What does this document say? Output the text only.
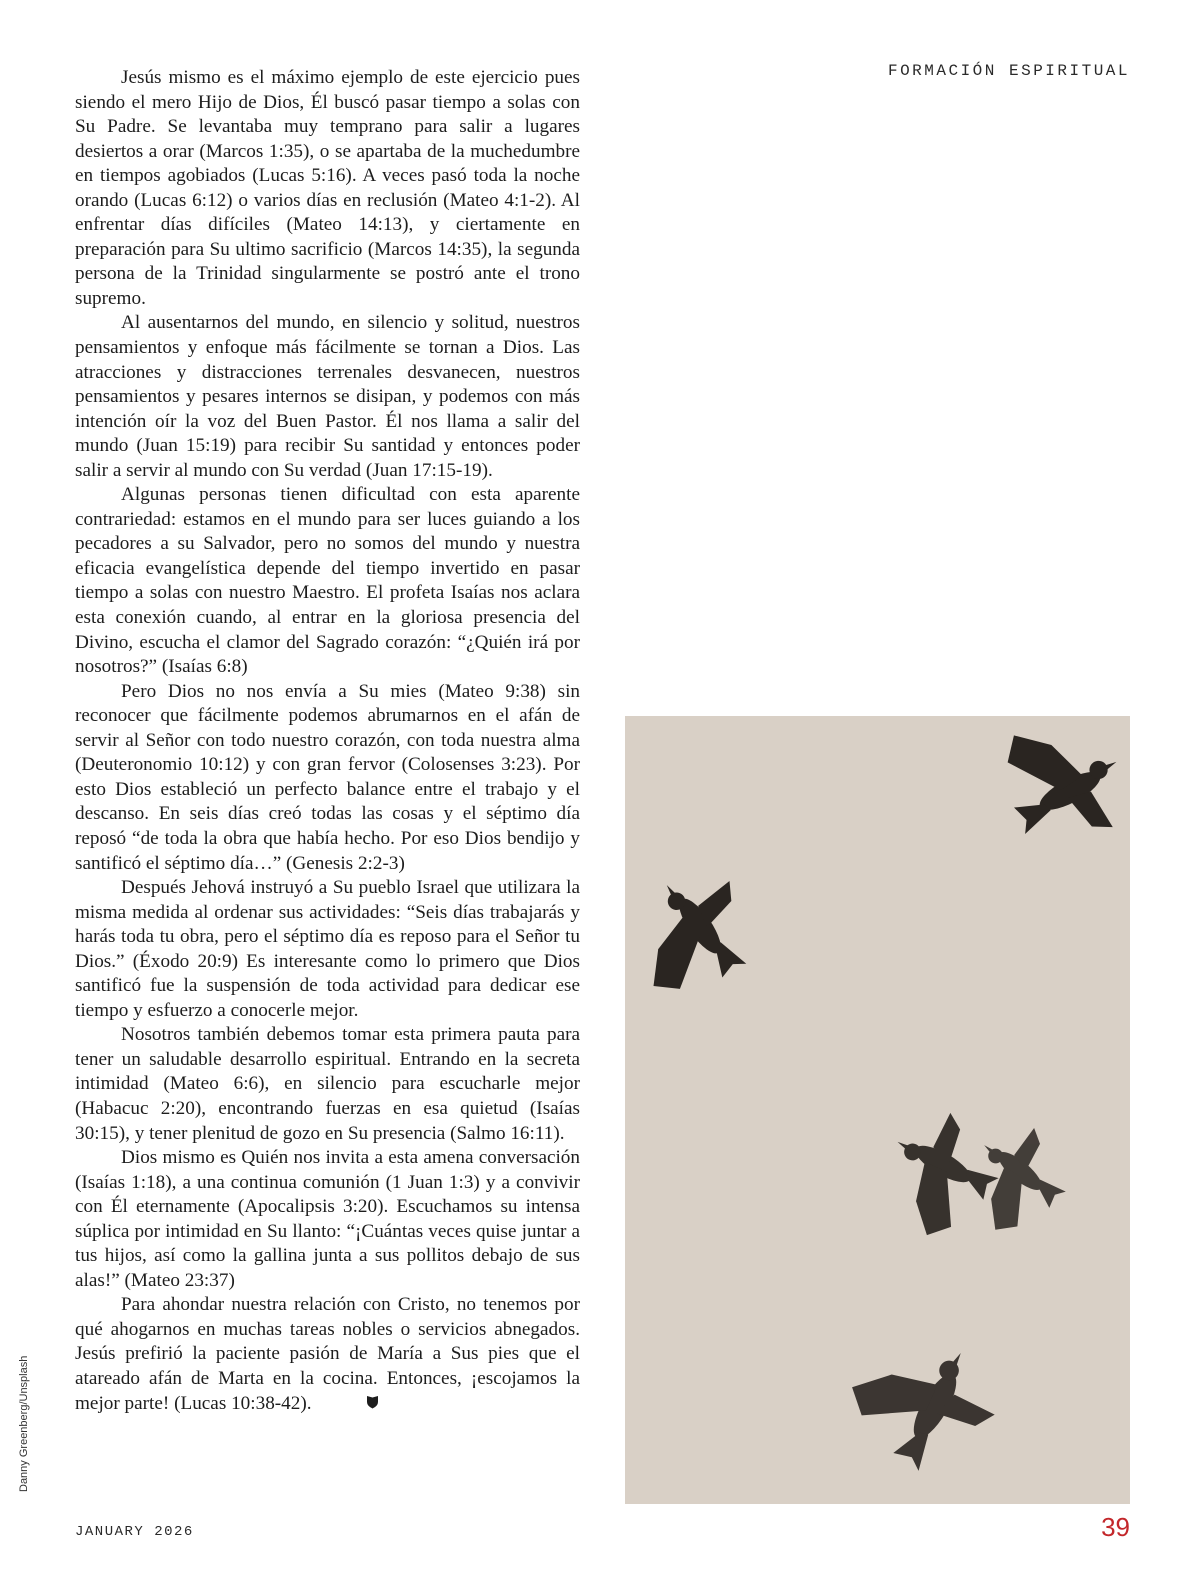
FORMACIÓN ESPIRITUAL

Jesús mismo es el máximo ejemplo de este ejercicio pues siendo el mero Hijo de Dios, Él buscó pasar tiempo a solas con Su Padre. Se levantaba muy temprano para salir a lugares desiertos a orar (Marcos 1:35), o se apartaba de la muchedumbre en tiempos agobiados (Lucas 5:16). A veces pasó toda la noche orando (Lucas 6:12) o varios días en reclusión (Mateo 4:1-2). Al enfrentar días difíciles (Mateo 14:13), y ciertamente en preparación para Su ultimo sacrificio (Marcos 14:35), la segunda persona de la Trinidad singularmente se postró ante el trono supremo.

Al ausentarnos del mundo, en silencio y solitud, nuestros pensamientos y enfoque más fácilmente se tornan a Dios. Las atracciones y distracciones terrenales desvanecen, nuestros pensamientos y pesares internos se disipan, y podemos con más intención oír la voz del Buen Pastor. Él nos llama a salir del mundo (Juan 15:19) para recibir Su santidad y entonces poder salir a servir al mundo con Su verdad (Juan 17:15-19).

Algunas personas tienen dificultad con esta aparente contrariedad: estamos en el mundo para ser luces guiando a los pecadores a su Salvador, pero no somos del mundo y nuestra eficacia evangelística depende del tiempo invertido en pasar tiempo a solas con nuestro Maestro. El profeta Isaías nos aclara esta conexión cuando, al entrar en la gloriosa presencia del Divino, escucha el clamor del Sagrado corazón: “¿Quién irá por nosotros?” (Isaías 6:8)

Pero Dios no nos envía a Su mies (Mateo 9:38) sin reconocer que fácilmente podemos abrumarnos en el afán de servir al Señor con todo nuestro corazón, con toda nuestra alma (Deuteronomio 10:12) y con gran fervor (Colosenses 3:23). Por esto Dios estableció un perfecto balance entre el trabajo y el descanso. En seis días creó todas las cosas y el séptimo día reposó “de toda la obra que había hecho. Por eso Dios bendijo y santificó el séptimo día…” (Genesis 2:2-3)

Después Jehová instruyó a Su pueblo Israel que utilizara la misma medida al ordenar sus actividades: “Seis días trabajarás y harás toda tu obra, pero el séptimo día es reposo para el Señor tu Dios.” (Éxodo 20:9) Es interesante como lo primero que Dios santificó fue la suspensión de toda actividad para dedicar ese tiempo y esfuerzo a conocerle mejor.

Nosotros también debemos tomar esta primera pauta para tener un saludable desarrollo espiritual. Entrando en la secreta intimidad (Mateo 6:6), en silencio para escucharle mejor (Habacuc 2:20), encontrando fuerzas en esa quietud (Isaías 30:15), y tener plenitud de gozo en Su presencia (Salmo 16:11).

Dios mismo es Quién nos invita a esta amena conversación (Isaías 1:18), a una continua comunión (1 Juan 1:3) y a convivir con Él eternamente (Apocalipsis 3:20). Escuchamos su intensa súplica por intimidad en Su llanto: “¡Cuántas veces quise juntar a tus hijos, así como la gallina junta a sus pollitos debajo de sus alas!” (Mateo 23:37)

Para ahondar nuestra relación con Cristo, no tenemos por qué ahogarnos en muchas tareas nobles o servicios abnegados. Jesús prefirió la paciente pasión de María a Sus pies que el atareado afán de Marta en la cocina. Entonces, ¡escojamos la mejor parte! (Lucas 10:38-42).

Danny Greenberg/Unsplash
JANUARY 2026	39
